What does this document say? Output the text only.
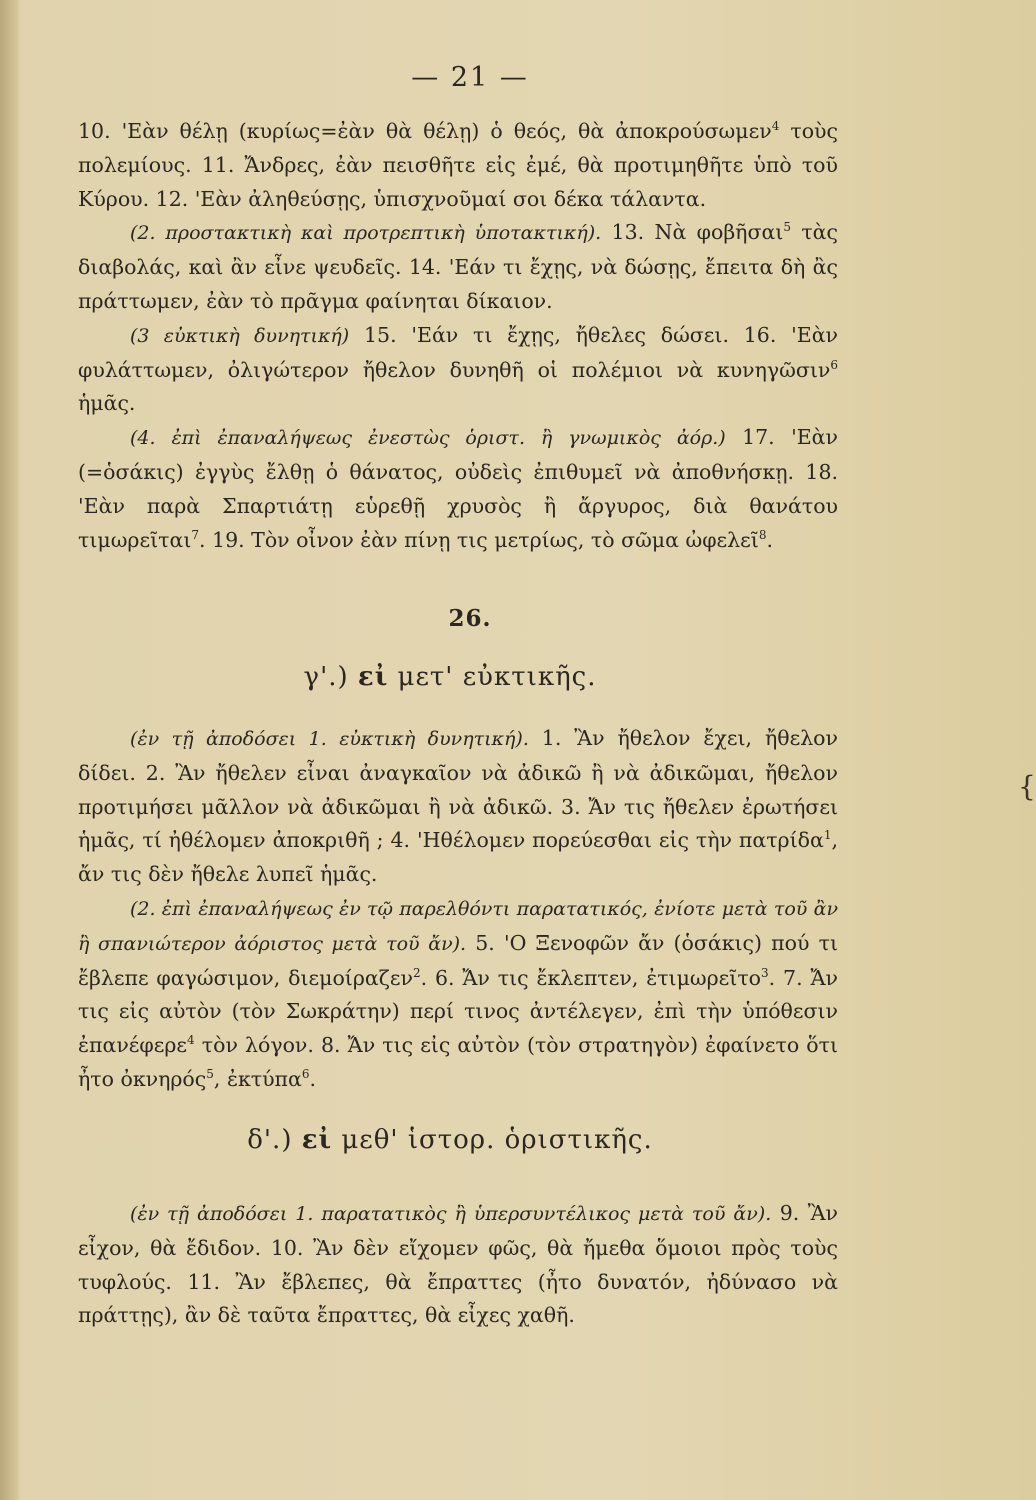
— 21 —

10. 'Εὰν θέλῃ (κυρίως=ἐὰν θὰ θέλῃ) ὁ θεός, θὰ ἀποκρούσωμεν$^4$ τοὺς πολεμίους. 11. Ἄνδρες, ἐὰν πεισθῆτε εἰς ἐμέ, θὰ προτιμηθῆτε ὑπὸ τοῦ Κύρου. 12. 'Εὰν ἀληθεύσῃς, ὑπισχνοῦμαί σοι δέκα τάλαντα.

(2. προστακτικὴ καὶ προτρεπτικὴ ὑποτακτική). 13. Νὰ φοβῆσαι$^5$ τὰς διαβολάς, καὶ ἂν εἶνε ψευδεῖς. 14. 'Εάν τι ἔχῃς, νὰ δώσῃς, ἔπειτα δὴ ἂς πράττωμεν, ἐὰν τὸ πρᾶγμα φαίνηται δίκαιον.

(3 εὐκτικὴ δυνητική) 15. 'Εάν τι ἔχῃς, ἤθελες δώσει. 16. 'Εὰν φυλάττωμεν, ὀλιγώτερον ἤθελον δυνηθῆ οἱ πολέμιοι νὰ κυνηγῶσιν$^6$ ἡμᾶς.

(4. ἐπὶ ἐπαναλήψεως ἐνεστὼς ὁριστ. ἢ γνωμικὸς ἀόρ.) 17. 'Εὰν (=ὁσάκις) ἐγγὺς ἔλθῃ ὁ θάνατος, οὐδεὶς ἐπιθυμεῖ νὰ ἀποθνήσκῃ. 18. 'Εὰν παρὰ Σπαρτιάτῃ εὑρεθῇ χρυσὸς ἢ ἄργυρος, διὰ θανάτου τιμωρεῖται$^7$. 19. Τὸν οἶνον ἐὰν πίνῃ τις μετρίως, τὸ σῶμα ὠφελεῖ$^8$.

26.
γ'.) εἰ μετ' εὐκτικῆς.

(ἐν τῇ ἀποδόσει 1. εὐκτικὴ δυνητική). 1. Ἂν ἤθελον ἔχει, ἤθελον δίδει. 2. Ἂν ἤθελεν εἶναι ἀναγκαῖον νὰ ἀδικῶ ἢ νὰ ἀδικῶμαι, ἤθελον προτιμήσει μᾶλλον νὰ ἀδικῶμαι ἢ νὰ ἀδικῶ. 3. Ἄν τις ἤθελεν ἐρωτήσει ἡμᾶς, τί ἠθέλομεν ἀποκριθῆ ; 4. 'Ηθέλομεν πορεύεσθαι εἰς τὴν πατρίδα$^1$, ἄν τις δὲν ἤθελε λυπεῖ ἡμᾶς.

(2. ἐπὶ ἐπαναλήψεως ἐν τῷ παρελθόντι παρατατικός, ἐνίοτε μετὰ τοῦ ἂν ἢ σπανιώτερον ἀόριστος μετὰ τοῦ ἄν). 5. 'Ο Ξενοφῶν ἄν (ὁσάκις) πού τι ἔβλεπε φαγώσιμον, διεμοίραζεν$^2$. 6. Ἄν τις ἔκλεπτεν, ἐτιμωρεῖτο$^3$. 7. Ἄν τις εἰς αὐτὸν (τὸν Σωκράτην) περί τινος ἀντέλεγεν, ἐπὶ τὴν ὑπόθεσιν ἐπανέφερε$^4$ τὸν λόγον. 8. Ἄν τις εἰς αὐτὸν (τὸν στρατηγὸν) ἐφαίνετο ὅτι ἦτο ὀκνηρός$^5$, ἐκτύπα$^6$.

δ'.) εἰ μεθ' ἱστορ. ὁριστικῆς.

(ἐν τῇ ἀποδόσει 1. παρατατικὸς ἢ ὑπερσυντέλικος μετὰ τοῦ ἄν). 9. Ἂν εἶχον, θὰ ἔδιδον. 10. Ἂν δὲν εἴχομεν φῶς, θὰ ἤμεθα ὅμοιοι πρὸς τοὺς τυφλούς. 11. Ἂν ἔβλεπες, θὰ ἔπραττες (ἦτο δυνατόν, ἠδύνασο νὰ πράττῃς), ἂν δὲ ταῦτα ἔπραττες, θὰ εἶχες χαθῆ.

{
